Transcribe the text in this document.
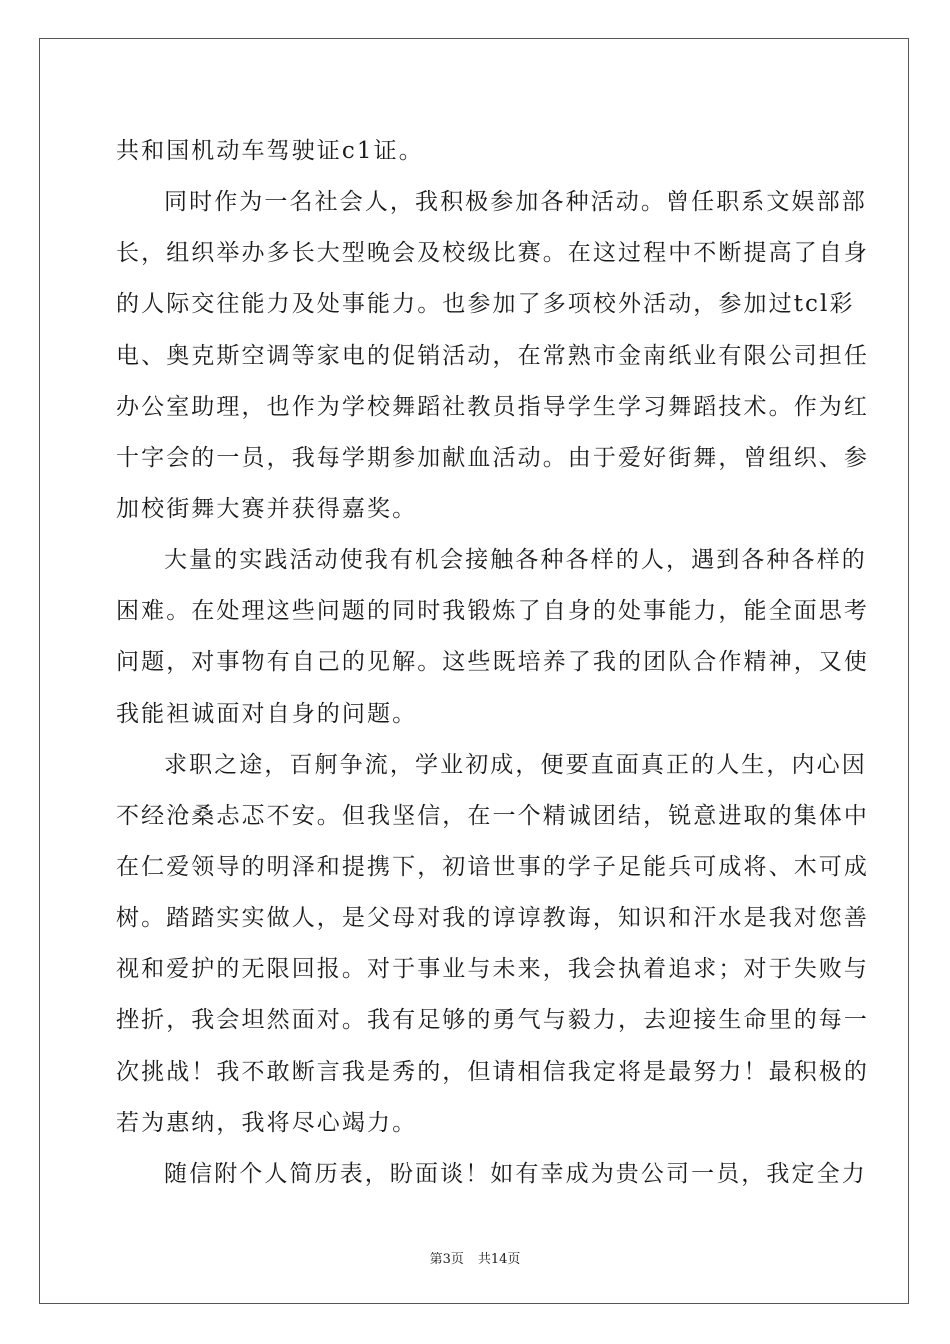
共和国机动车驾驶证c1证。
同时作为一名社会人，我积极参加各种活动。曾任职系文娱部部
长，组织举办多长大型晚会及校级比赛。在这过程中不断提高了自身
的人际交往能力及处事能力。也参加了多项校外活动，参加过tcl彩
电、奥克斯空调等家电的促销活动，在常熟市金南纸业有限公司担任
办公室助理，也作为学校舞蹈社教员指导学生学习舞蹈技术。作为红
十字会的一员，我每学期参加献血活动。由于爱好街舞，曾组织、参
加校街舞大赛并获得嘉奖。
大量的实践活动使我有机会接触各种各样的人，遇到各种各样的
困难。在处理这些问题的同时我锻炼了自身的处事能力，能全面思考
问题，对事物有自己的见解。这些既培养了我的团队合作精神，又使
我能袒诚面对自身的问题。
求职之途，百舸争流，学业初成，便要直面真正的人生，内心因
不经沧桑忐忑不安。但我坚信，在一个精诚团结，锐意进取的集体中
在仁爱领导的明泽和提携下，初谙世事的学子足能兵可成将、木可成
树。踏踏实实做人，是父母对我的谆谆教诲，知识和汗水是我对您善
视和爱护的无限回报。对于事业与未来，我会执着追求；对于失败与
挫折，我会坦然面对。我有足够的勇气与毅力，去迎接生命里的每一
次挑战！我不敢断言我是秀的，但请相信我定将是最努力！最积极的
若为惠纳，我将尽心竭力。
随信附个人简历表，盼面谈！如有幸成为贵公司一员，我定全力
第3页 共14页
